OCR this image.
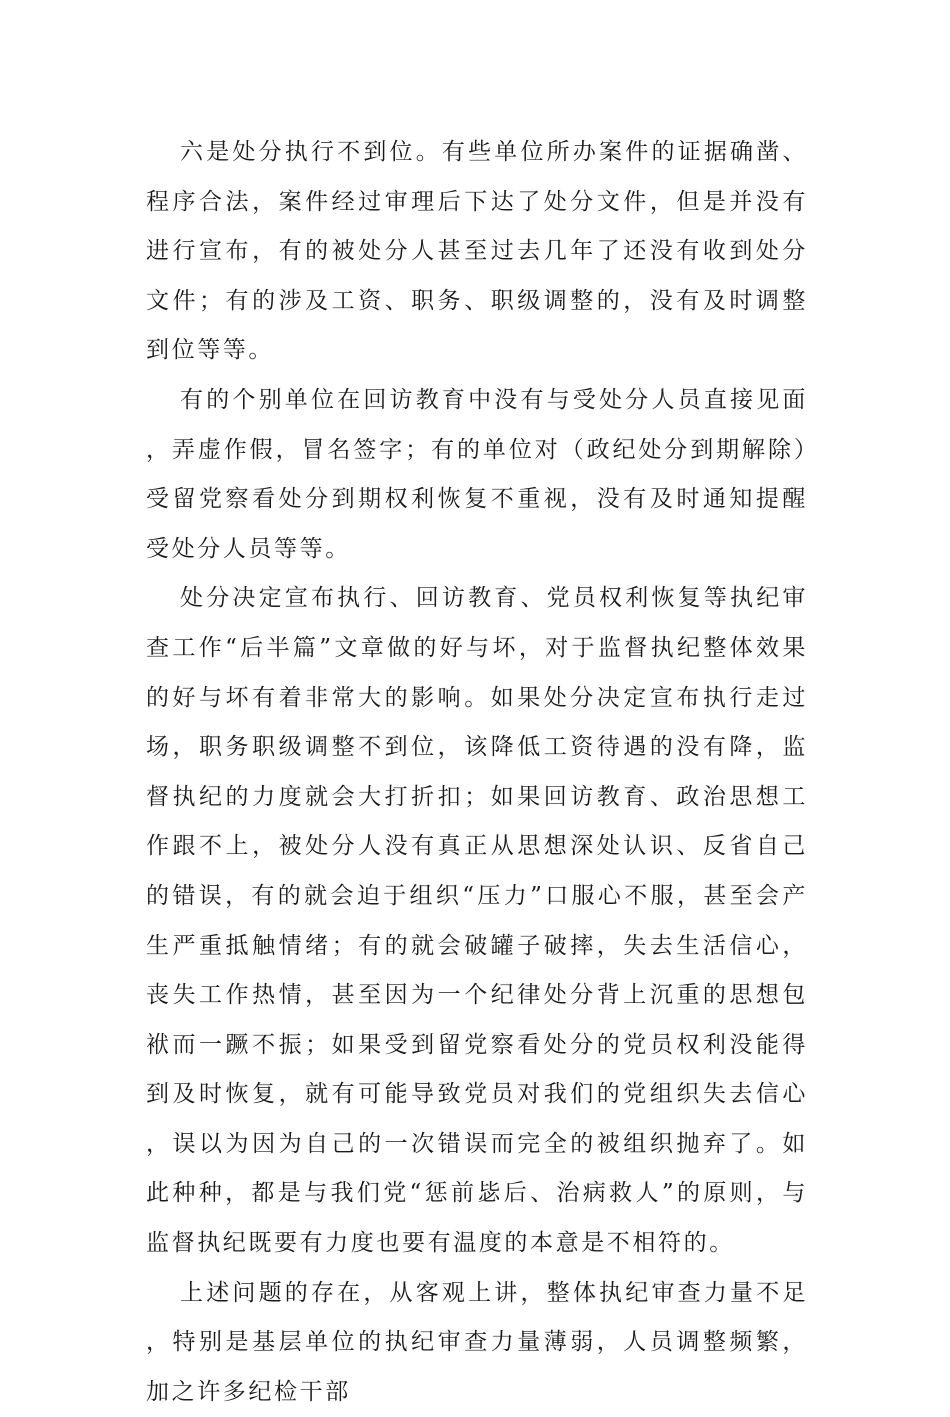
六是处分执行不到位。有些单位所办案件的证据确凿、程序合法，案件经过审理后下达了处分文件，但是并没有进行宣布，有的被处分人甚至过去几年了还没有收到处分文件；有的涉及工资、职务、职级调整的，没有及时调整到位等等。

有的个别单位在回访教育中没有与受处分人员直接见面，弄虚作假，冒名签字；有的单位对（政纪处分到期解除）受留党察看处分到期权利恢复不重视，没有及时通知提醒受处分人员等等。

处分决定宣布执行、回访教育、党员权利恢复等执纪审查工作“后半篇”文章做的好与坏，对于监督执纪整体效果的好与坏有着非常大的影响。如果处分决定宣布执行走过场，职务职级调整不到位，该降低工资待遇的没有降，监督执纪的力度就会大打折扣；如果回访教育、政治思想工作跟不上，被处分人没有真正从思想深处认识、反省自己的错误，有的就会迫于组织“压力”口服心不服，甚至会产生严重抵触情绪；有的就会破罐子破摔，失去生活信心，丧失工作热情，甚至因为一个纪律处分背上沉重的思想包袱而一蹶不振；如果受到留党察看处分的党员权利没能得到及时恢复，就有可能导致党员对我们的党组织失去信心，误以为因为自己的一次错误而完全的被组织抛弃了。如此种种，都是与我们党“惩前毖后、治病救人”的原则，与监督执纪既要有力度也要有温度的本意是不相符的。

上述问题的存在，从客观上讲，整体执纪审查力量不足，特别是基层单位的执纪审查力量薄弱，人员调整频繁，加之许多纪检干部
